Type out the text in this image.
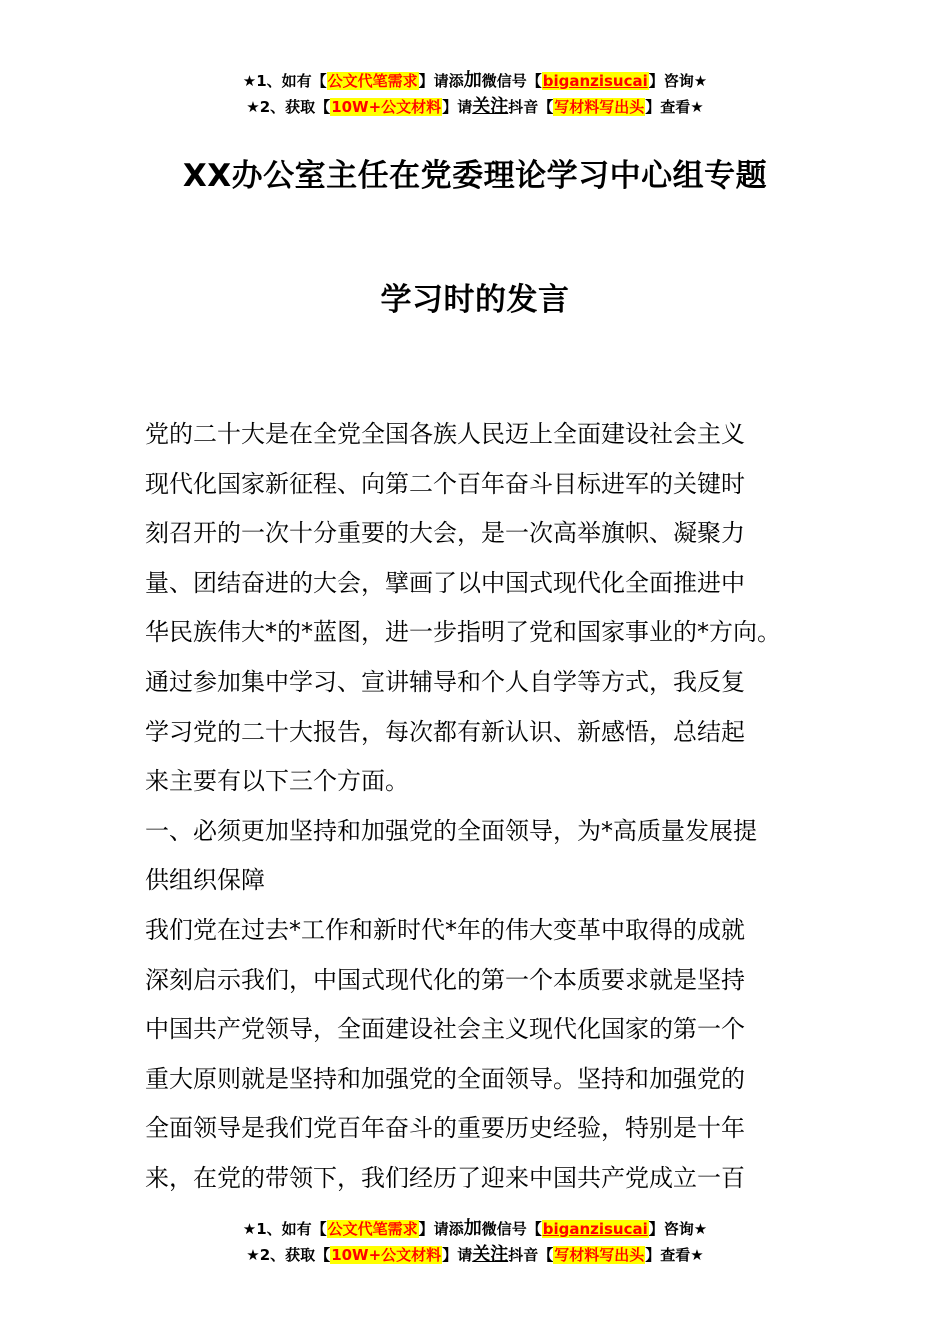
★1、如有【公文代笔需求】请添加微信号【biganzisucai】咨询★
★2、获取【10W+公文材料】请关注抖音【写材料写出头】查看★
XX办公室主任在党委理论学习中心组专题
学习时的发言
党的二十大是在全党全国各族人民迈上全面建设社会主义
现代化国家新征程、向第二个百年奋斗目标进军的关键时
刻召开的一次十分重要的大会，是一次高举旗帜、凝聚力
量、团结奋进的大会，擘画了以中国式现代化全面推进中
华民族伟大*的*蓝图，进一步指明了党和国家事业的*方向。
通过参加集中学习、宣讲辅导和个人自学等方式，我反复
学习党的二十大报告，每次都有新认识、新感悟，总结起
来主要有以下三个方面。
一、必须更加坚持和加强党的全面领导，为*高质量发展提
供组织保障
我们党在过去*工作和新时代*年的伟大变革中取得的成就
深刻启示我们，中国式现代化的第一个本质要求就是坚持
中国共产党领导，全面建设社会主义现代化国家的第一个
重大原则就是坚持和加强党的全面领导。坚持和加强党的
全面领导是我们党百年奋斗的重要历史经验，特别是十年
来，在党的带领下，我们经历了迎来中国共产党成立一百
★1、如有【公文代笔需求】请添加微信号【biganzisucai】咨询★
★2、获取【10W+公文材料】请关注抖音【写材料写出头】查看★
